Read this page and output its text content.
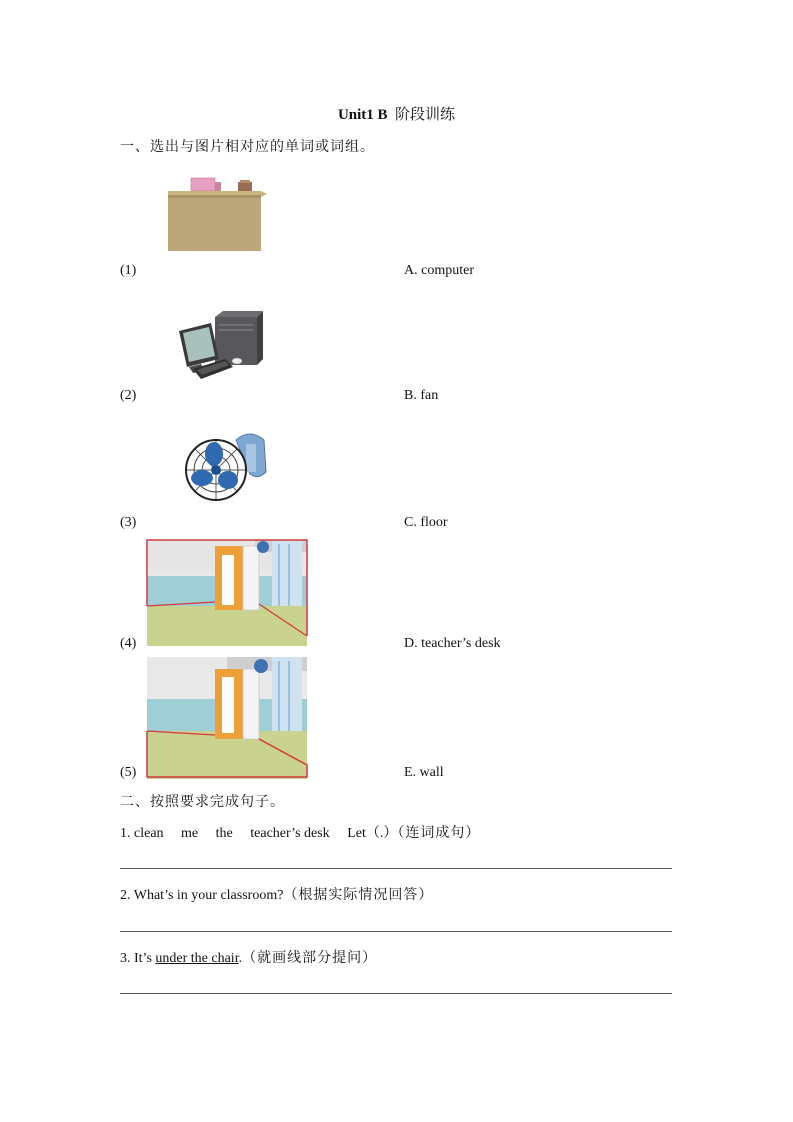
Unit1 B 阶段训练
一、选出与图片相对应的单词或词组。
(1)	A. computer
(2)	B. fan
(3)	C. floor
(4)	D. teacher’s desk
(5)	E. wall
二、按照要求完成句子。
1. clean me the teacher’s desk Let（.）（连词成句）
2. What’s in your classroom?（根据实际情况回答）
3. It’s under the chair.（就画线部分提问）
